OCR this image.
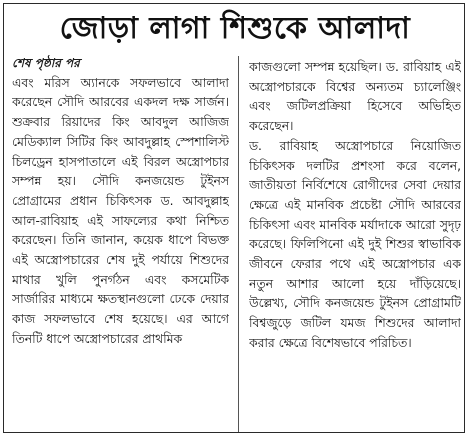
জোড়া লাগা শিশুকে আলাদা

শেষ পৃষ্ঠার পর

এবং মরিস অ্যানকে সফলভাবে আলাদা করেছেন সৌদি আরবের একদল দক্ষ সার্জন। শুক্রবার রিয়াদের কিং আবদুল আজিজ মেডিক্যাল সিটির কিং আবদুল্লাহ স্পেশালিস্ট চিলড্রেন হাসপাতালে এই বিরল অস্ত্রোপচার সম্পন্ন হয়। সৌদি কনজয়েন্ড টুইনস প্রোগ্রামের প্রধান চিকিৎসক ড. আবদুল্লাহ আল-রাবিয়াহ এই সাফল্যের কথা নিশ্চিত করেছেন। তিনি জানান, কয়েক ধাপে বিভক্ত এই অস্ত্রোপচারের শেষ দুই পর্যায়ে শিশুদের মাথার খুলি পুনর্গঠন এবং কসমেটিক সার্জারির মাধ্যমে ক্ষতস্থানগুলো ঢেকে দেয়ার কাজ সফলভাবে শেষ হয়েছে। এর আগে তিনটি ধাপে অস্ত্রোপচারের প্রাথমিক

কাজগুলো সম্পন্ন হয়েছিল। ড. রাবিয়াহ এই অস্ত্রোপচারকে বিশ্বের অন্যতম চ্যালেঞ্জিং এবং জটিলপ্রক্রিয়া হিসেবে অভিহিত করেছেন।

ড. রাবিয়াহ অস্ত্রোপচারে নিয়োজিত চিকিৎসক দলটির প্রশংসা করে বলেন, জাতীয়তা নির্বিশেষে রোগীদের সেবা দেয়ার ক্ষেত্রে এই মানবিক প্রচেষ্টা সৌদি আরবের চিকিৎসা এবং মানবিক মর্যাদাকে আরো সুদৃঢ় করেছে। ফিলিপিনো এই দুই শিশুর স্বাভাবিক জীবনে ফেরার পথে এই অস্ত্রোপচার এক নতুন আশার আলো হয়ে দাঁড়িয়েছে। উল্লেখ্য, সৌদি কনজয়েন্ড টুইনস প্রোগ্রামটি বিশ্বজুড়ে জটিল যমজ শিশুদের আলাদা করার ক্ষেত্রে বিশেষভাবে পরিচিত।
